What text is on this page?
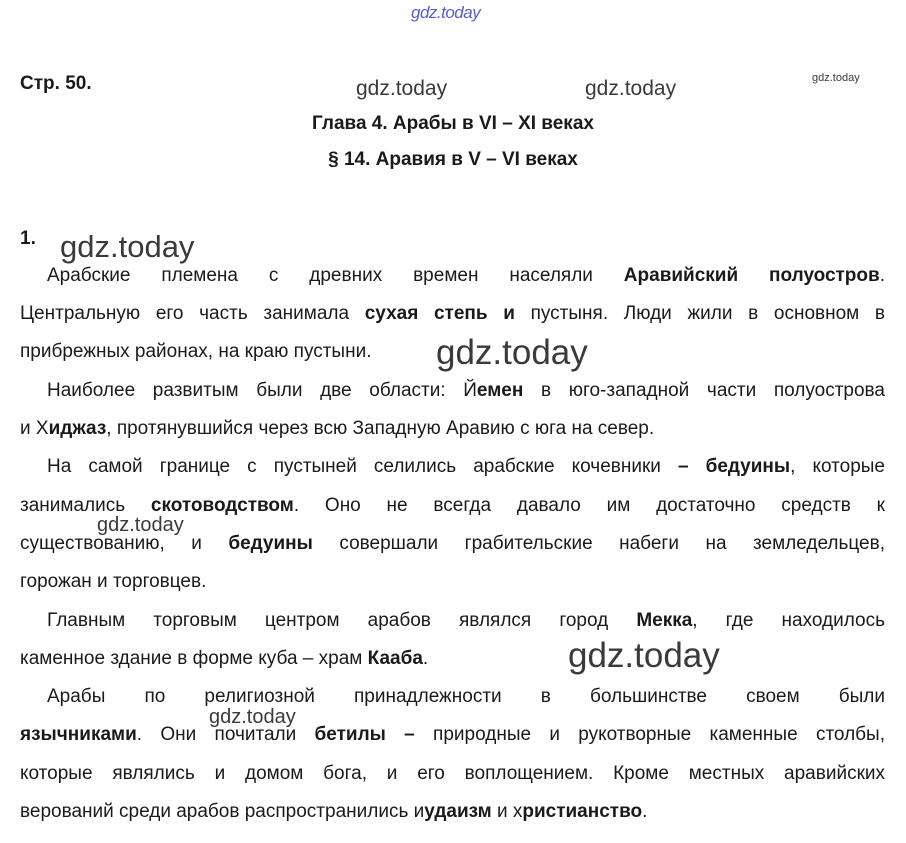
gdz.today
gdz.today	gdz.today	gdz.today
gdz.today
gdz.today
gdz.today
gdz.today
gdz.today
Стр. 50.
Глава 4. Арабы в VI – XI веках
§ 14. Аравия в V – VI веках
1.
Арабские племена с древних времен населяли Аравийский полуостров.
Центральную его часть занимала сухая степь и пустыня. Люди жили в основном в
прибрежных районах, на краю пустыни.
Наиболее развитым были две области: Йемен в юго-западной части полуострова
и Хиджаз, протянувшийся через всю Западную Аравию с юга на север.
На самой границе с пустыней селились арабские кочевники – бедуины, которые
занимались скотоводством. Оно не всегда давало им достаточно средств к
существованию, и бедуины совершали грабительские набеги на земледельцев,
горожан и торговцев.
Главным торговым центром арабов являлся город Мекка, где находилось
каменное здание в форме куба – храм Кааба.
Арабы по религиозной принадлежности в большинстве своем были
язычниками. Они почитали бетилы – природные и рукотворные каменные столбы,
которые являлись и домом бога, и его воплощением. Кроме местных аравийских
верований среди арабов распространились иудаизм и христианство.
